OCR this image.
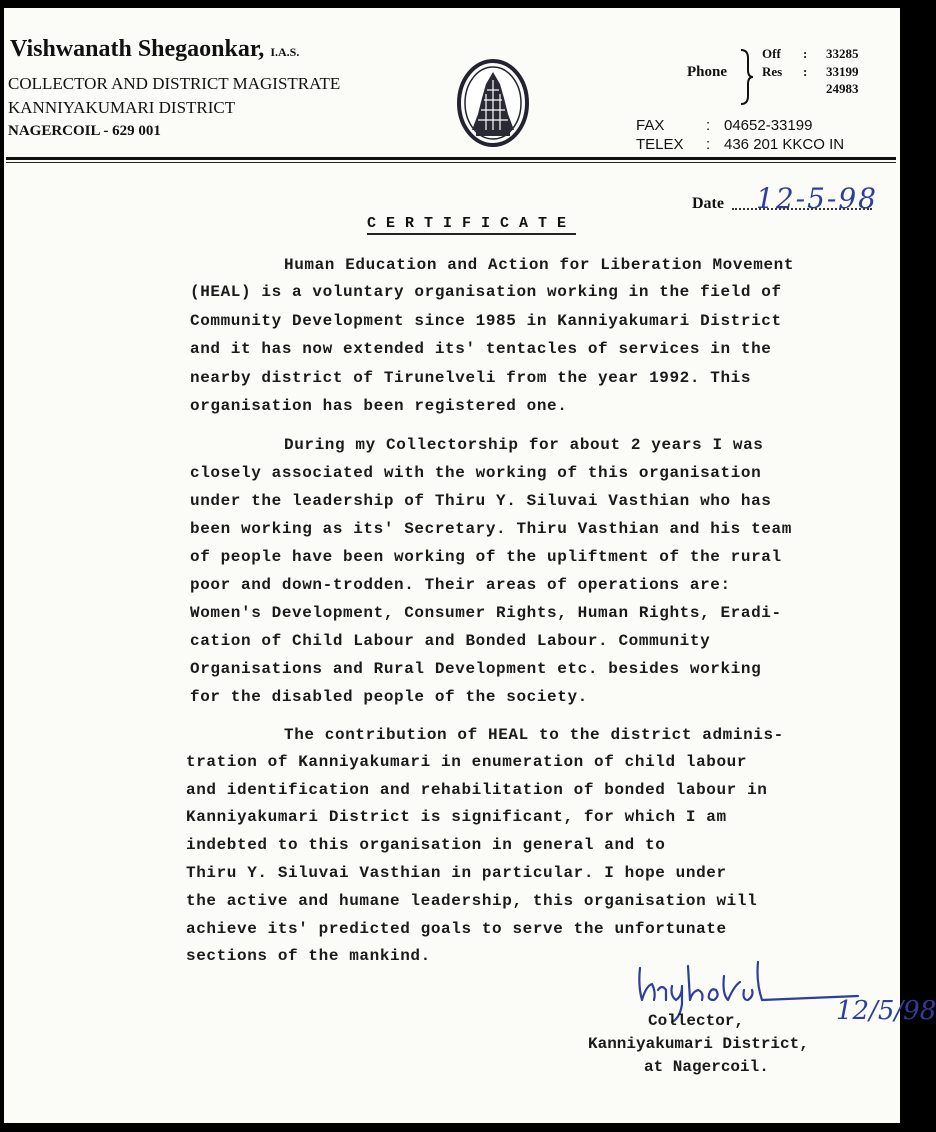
Vishwanath Shegaonkar, I.A.S.
COLLECTOR AND DISTRICT MAGISTRATE
KANNIYAKUMARI DISTRICT
NAGERCOIL - 629 001
Phone
Off : 33285
Res : 33199
24983
FAX	: 04652-33199
TELEX : 436 201 KKCO IN
Date 12-5-98
CERTIFICATE
Human Education and Action for Liberation Movement
(HEAL) is a voluntary organisation working in the field of
Community Development since 1985 in Kanniyakumari District
and it has now extended its' tentacles of services in the
nearby district of Tirunelveli from the year 1992. This
organisation has been registered one.
During my Collectorship for about 2 years I was
closely associated with the working of this organisation
under the leadership of Thiru Y. Siluvai Vasthian who has
been working as its' Secretary. Thiru Vasthian and his team
of people have been working of the upliftment of the rural
poor and down-trodden. Their areas of operations are:
Women's Development, Consumer Rights, Human Rights, Eradi-
cation of Child Labour and Bonded Labour. Community
Organisations and Rural Development etc. besides working
for the disabled people of the society.
The contribution of HEAL to the district adminis-
tration of Kanniyakumari in enumeration of child labour
and identification and rehabilitation of bonded labour in
Kanniyakumari District is significant, for which I am
indebted to this organisation in general and to
Thiru Y. Siluvai Vasthian in particular. I hope under
the active and humane leadership, this organisation will
achieve its' predicted goals to serve the unfortunate
sections of the mankind.
12/5/98
Collector,
Kanniyakumari District,
at Nagercoil.
